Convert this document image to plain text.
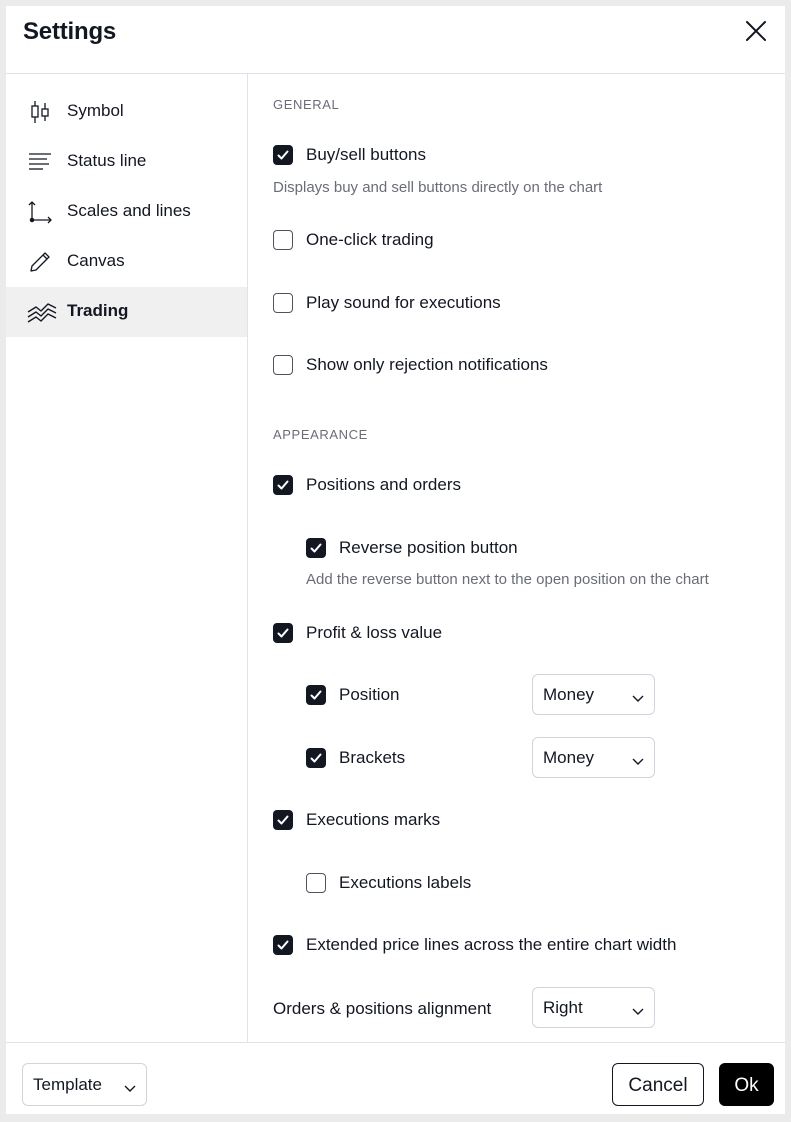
Settings
Symbol
Status line
Scales and lines
Canvas
Trading
GENERAL
Buy/sell buttons
Displays buy and sell buttons directly on the chart
One-click trading
Play sound for executions
Show only rejection notifications
APPEARANCE
Positions and orders
Reverse position button
Add the reverse button next to the open position on the chart
Profit & loss value
Position	Money
Brackets	Money
Executions marks
Executions labels
Extended price lines across the entire chart width
Orders & positions alignment	Right
Template	Cancel	Ok
